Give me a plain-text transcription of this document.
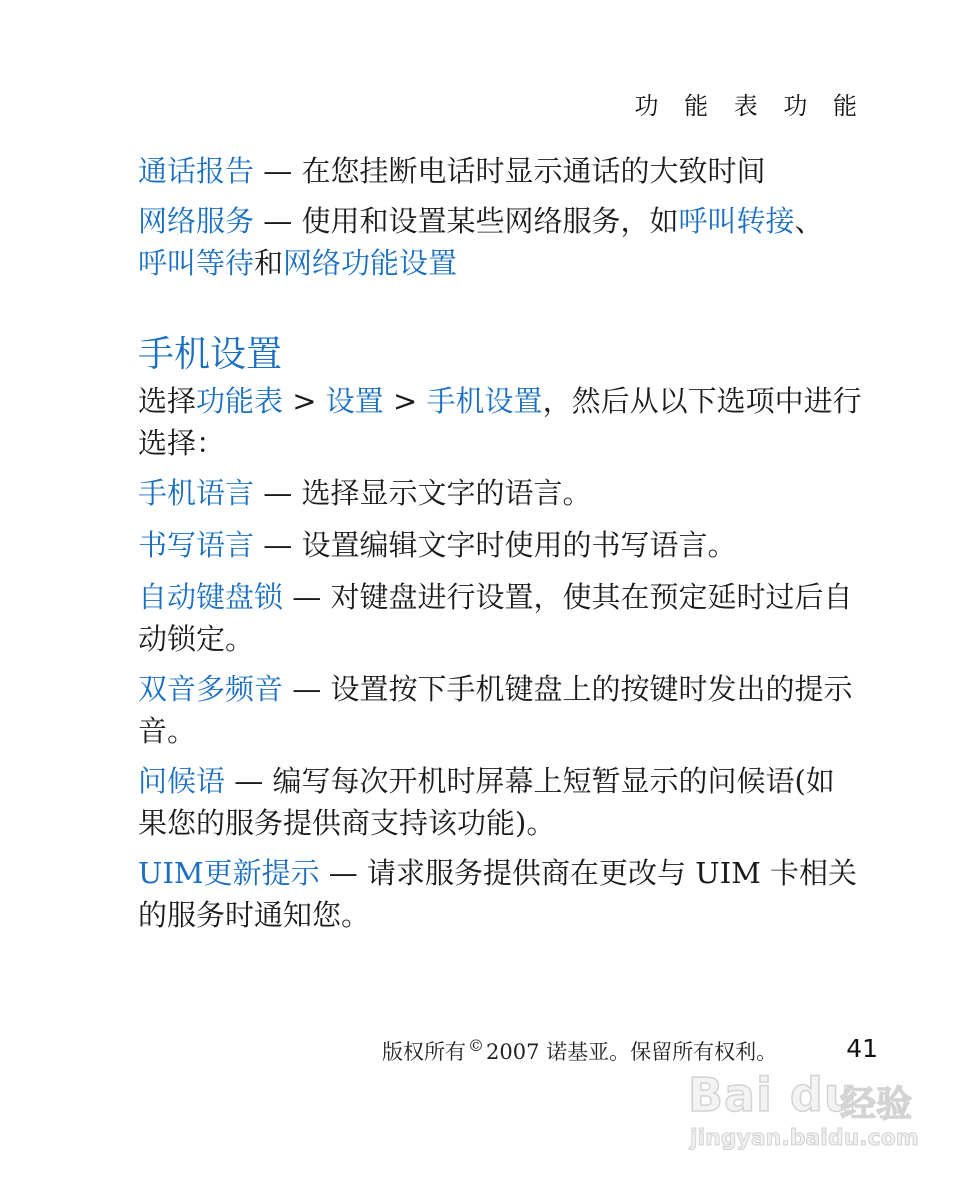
功 能 表 功 能
通话报告 — 在您挂断电话时显示通话的大致时间
网络服务 — 使用和设置某些网络服务，如呼叫转接、呼叫等待和网络功能设置
手机设置
选择功能表 > 设置 > 手机设置，然后从以下选项中进行选择：
手机语言 — 选择显示文字的语言。
书写语言 — 设置编辑文字时使用的书写语言。
自动键盘锁 — 对键盘进行设置，使其在预定延时过后自动锁定。
双音多频音 — 设置按下手机键盘上的按键时发出的提示音。
问候语 — 编写每次开机时屏幕上短暂显示的问候语(如果您的服务提供商支持该功能)。
UIM更新提示 — 请求服务提供商在更改与 UIM 卡相关的服务时通知您。
版权所有 ©2007 诺基亚。保留所有权利。	41
Bai du
经验
jingyan.baidu.com
